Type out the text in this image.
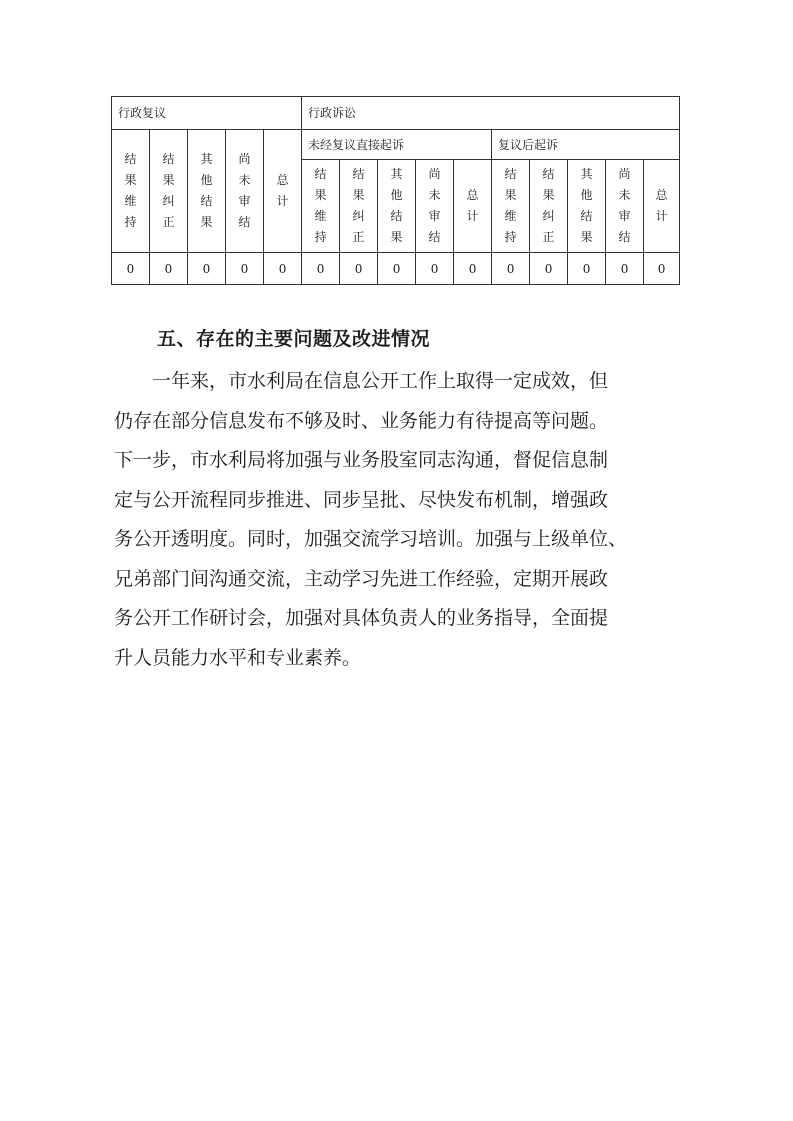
行政复议					行政诉讼									
结果维持	结果纠正	其他结果	尚未审结	总计	未经复议直接起诉					复议后起诉				
					结果维持	结果纠正	其他结果	尚未审结	总计	结果维持	结果纠正	其他结果	尚未审结	总计
0	0	0	0	0	0	0	0	0	0	0	0	0	0	0
五、存在的主要问题及改进情况

一年来，市水利局在信息公开工作上取得一定成效，但
仍存在部分信息发布不够及时、业务能力有待提高等问题。
下一步，市水利局将加强与业务股室同志沟通，督促信息制
定与公开流程同步推进、同步呈批、尽快发布机制，增强政
务公开透明度。同时，加强交流学习培训。加强与上级单位、
兄弟部门间沟通交流，主动学习先进工作经验，定期开展政
务公开工作研讨会，加强对具体负责人的业务指导，全面提
升人员能力水平和专业素养。
